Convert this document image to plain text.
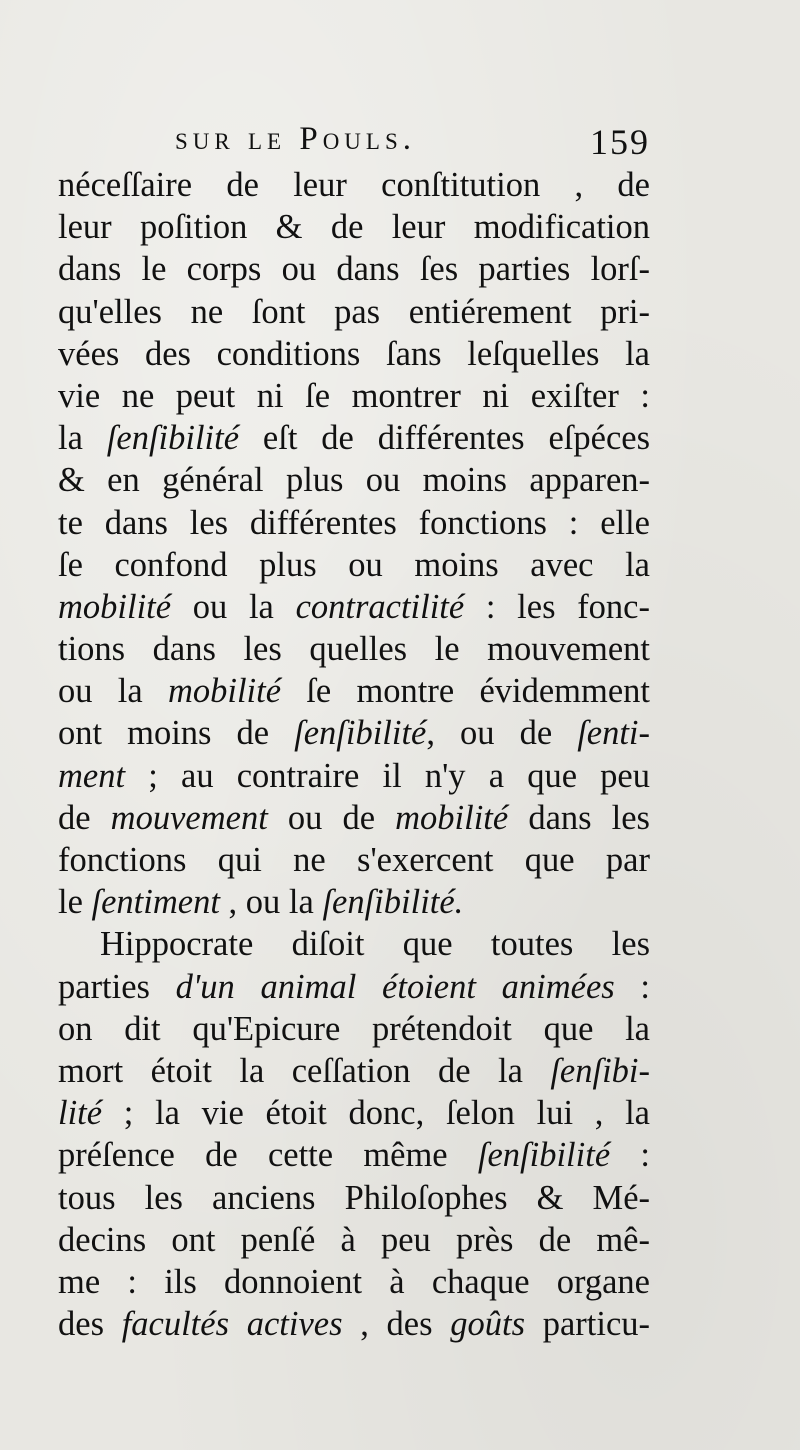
sur le Pouls.	159
néceſſaire de leur conſtitution , de
leur poſition & de leur modification
dans le corps ou dans ſes parties lorſ-
qu'elles ne ſont pas entiérement pri-
vées des conditions ſans leſquelles la
vie ne peut ni ſe montrer ni exiſter :
la ſenſibilité eſt de différentes eſpéces
& en général plus ou moins apparen-
te dans les différentes fonctions : elle
ſe confond plus ou moins avec la
mobilité ou la contractilité : les fonc-
tions dans les quelles le mouvement
ou la mobilité ſe montre évidemment
ont moins de ſenſibilité, ou de ſenti-
ment ; au contraire il n'y a que peu
de mouvement ou de mobilité dans les
fonctions qui ne s'exercent que par
le ſentiment , ou la ſenſibilité.
Hippocrate diſoit que toutes les
parties d'un animal étoient animées :
on dit qu'Epicure prétendoit que la
mort étoit la ceſſation de la ſenſibi-
lité ; la vie étoit donc, ſelon lui , la
préſence de cette même ſenſibilité :
tous les anciens Philoſophes & Mé-
decins ont penſé à peu près de mê-
me : ils donnoient à chaque organe
des facultés actives , des goûts particu-
